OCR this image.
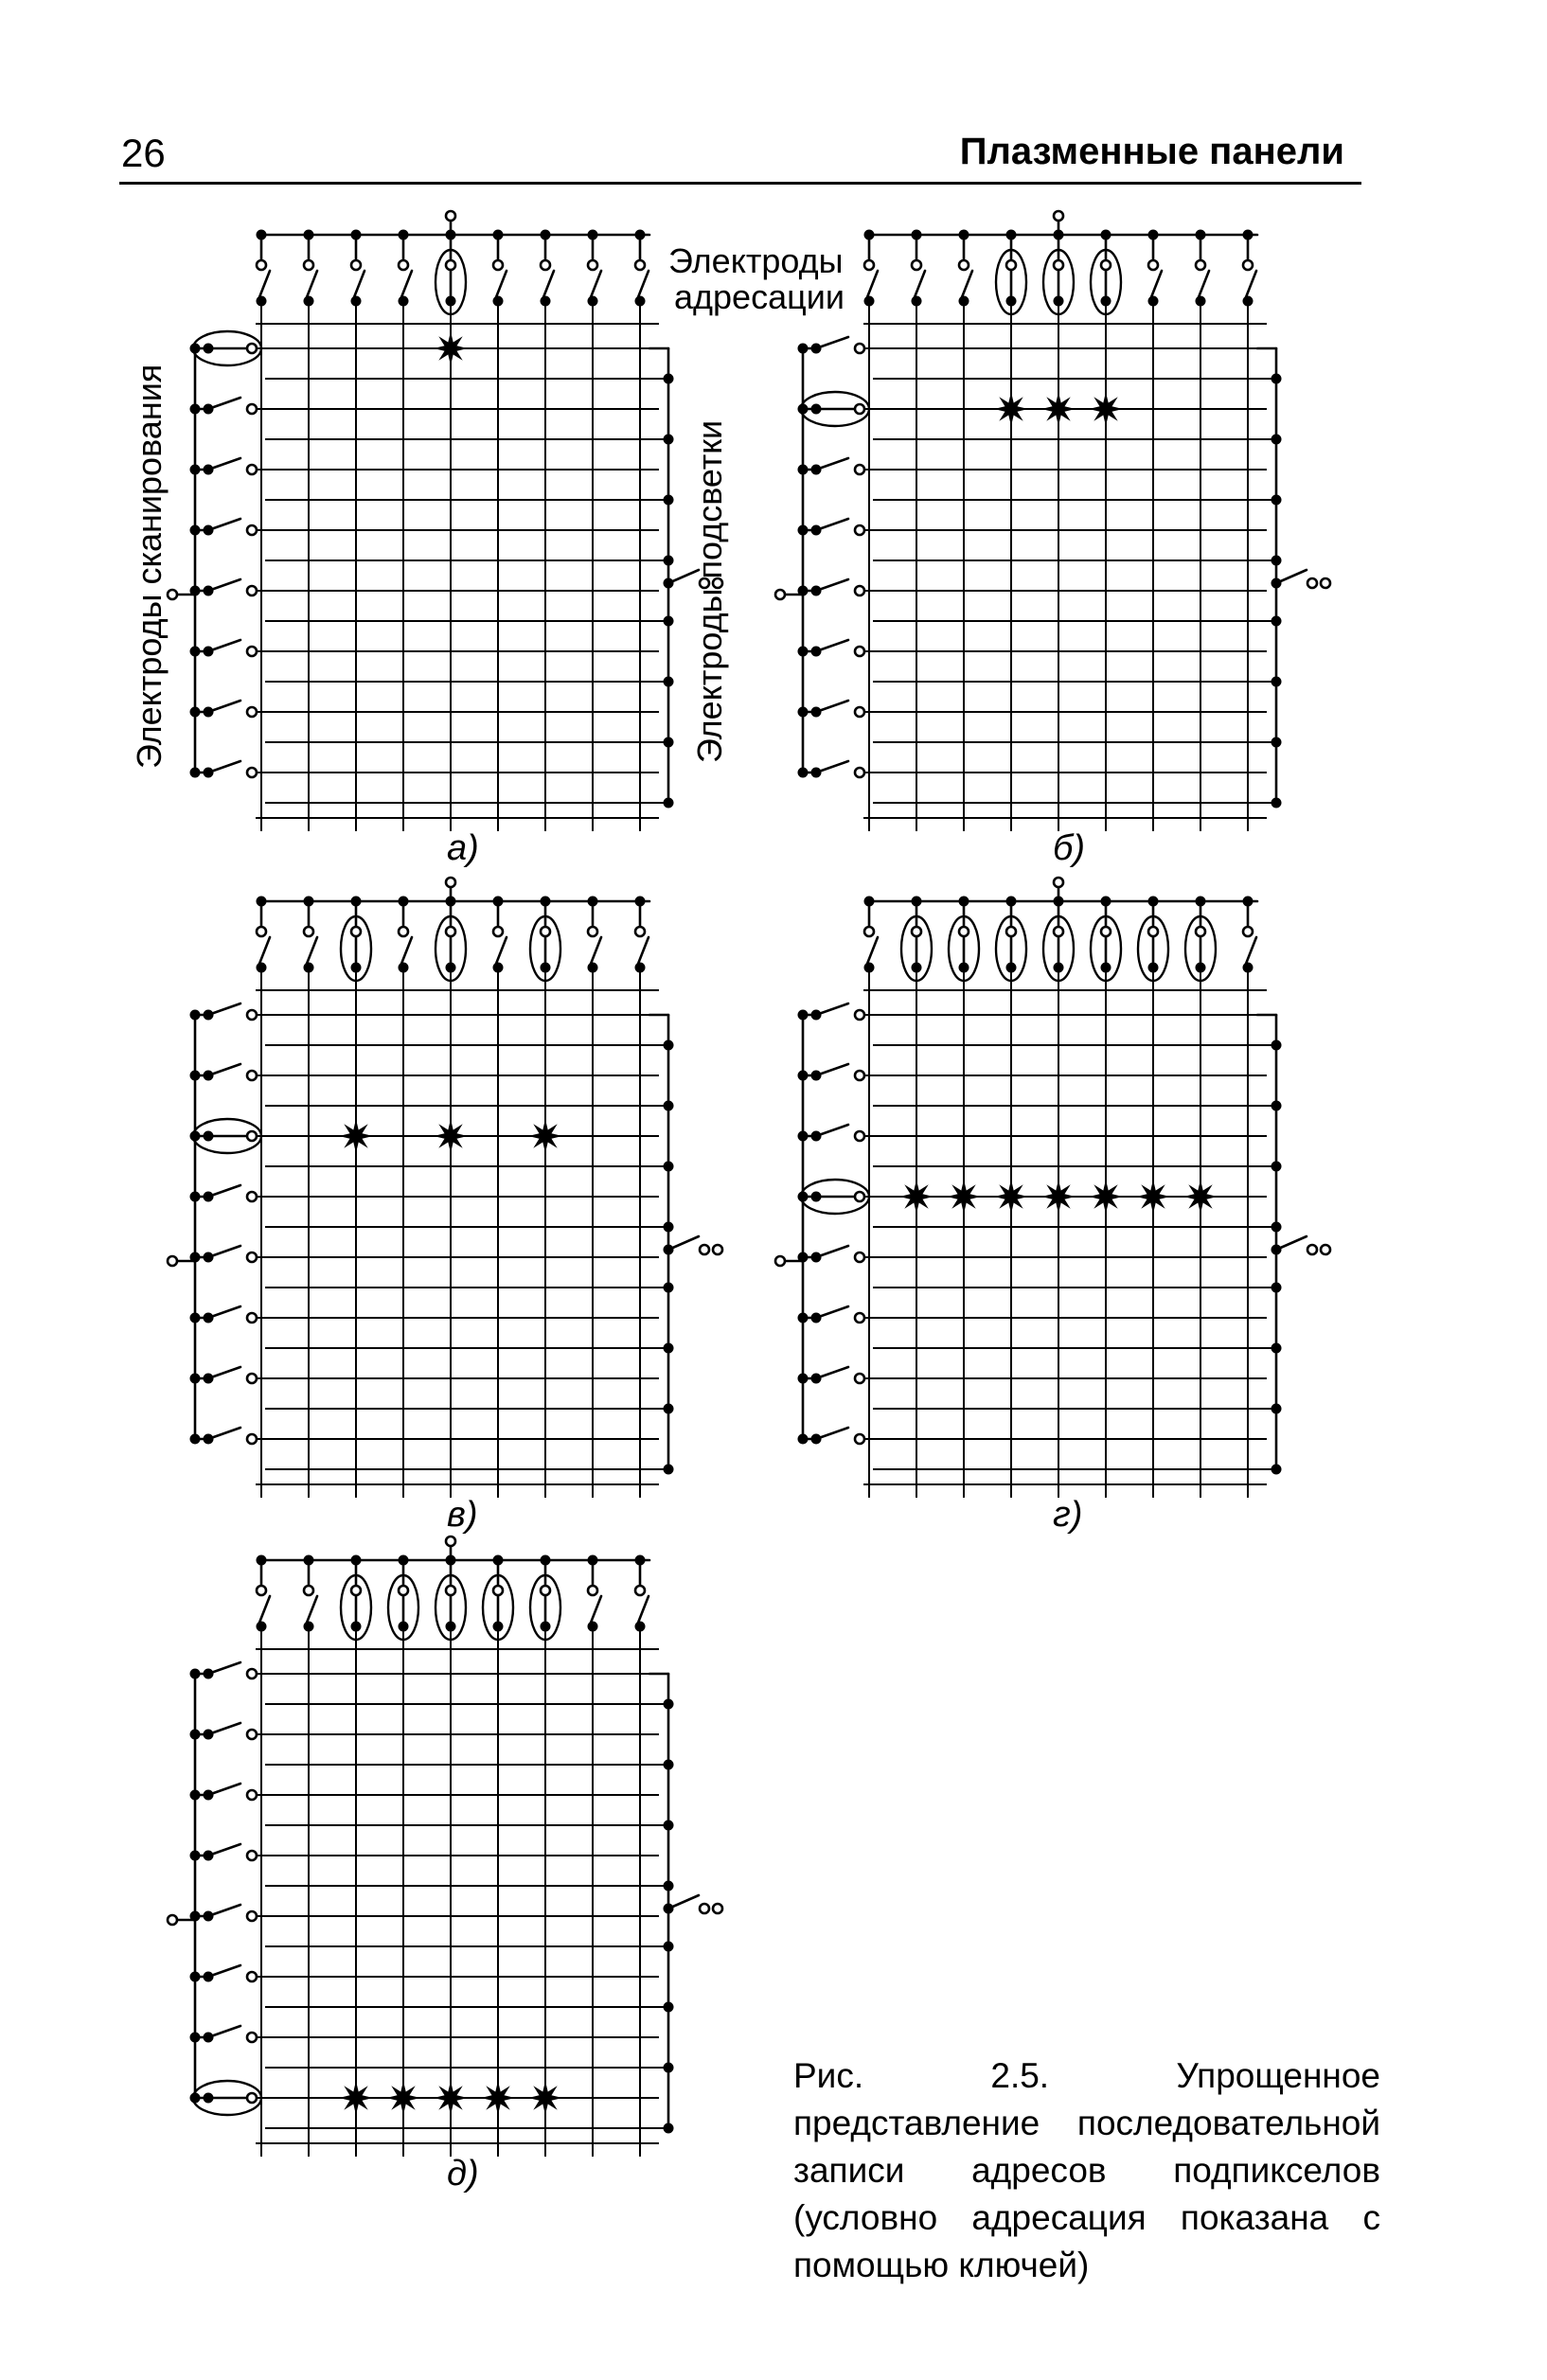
26	Плазменные панели
а)	б)
в)	г)
д)
Электроды
адресации
Электроды сканирования	Электроды подсветки
Рис. 2.5. Упрощенное представление последовательной записи адресов подпикселов (условно адресация показана с помощью ключей)
